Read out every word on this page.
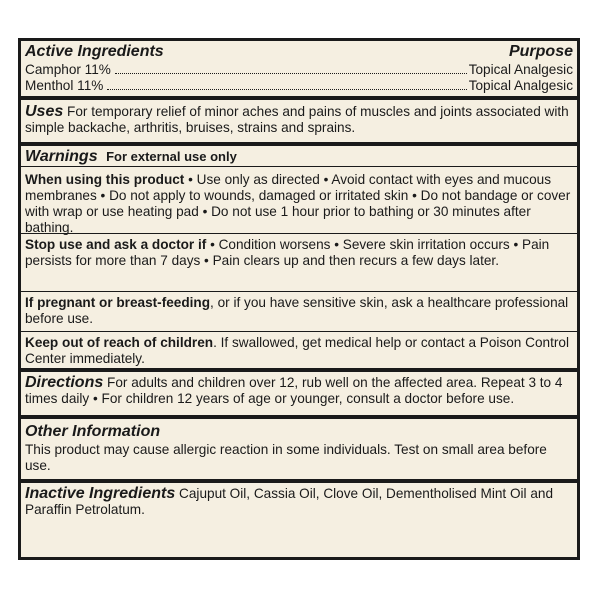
Active Ingredients	Purpose
Camphor 11%	Topical Analgesic
Menthol 11%	Topical Analgesic
Uses For temporary relief of minor aches and pains of muscles and joints associated with simple backache, arthritis, bruises, strains and sprains.
Warnings For external use only
When using this product • Use only as directed • Avoid contact with eyes and mucous membranes • Do not apply to wounds, damaged or irritated skin • Do not bandage or cover with wrap or use heating pad • Do not use 1 hour prior to bathing or 30 minutes after bathing.
Stop use and ask a doctor if • Condition worsens • Severe skin irritation occurs • Pain persists for more than 7 days • Pain clears up and then recurs a few days later.
If pregnant or breast-feeding, or if you have sensitive skin, ask a healthcare professional before use.
Keep out of reach of children. If swallowed, get medical help or contact a Poison Control Center immediately.
Directions For adults and children over 12, rub well on the affected area. Repeat 3 to 4 times daily • For children 12 years of age or younger, consult a doctor before use.
Other Information
This product may cause allergic reaction in some individuals. Test on small area before use.
Inactive Ingredients Cajuput Oil, Cassia Oil, Clove Oil, Dementholised Mint Oil and Paraffin Petrolatum.
